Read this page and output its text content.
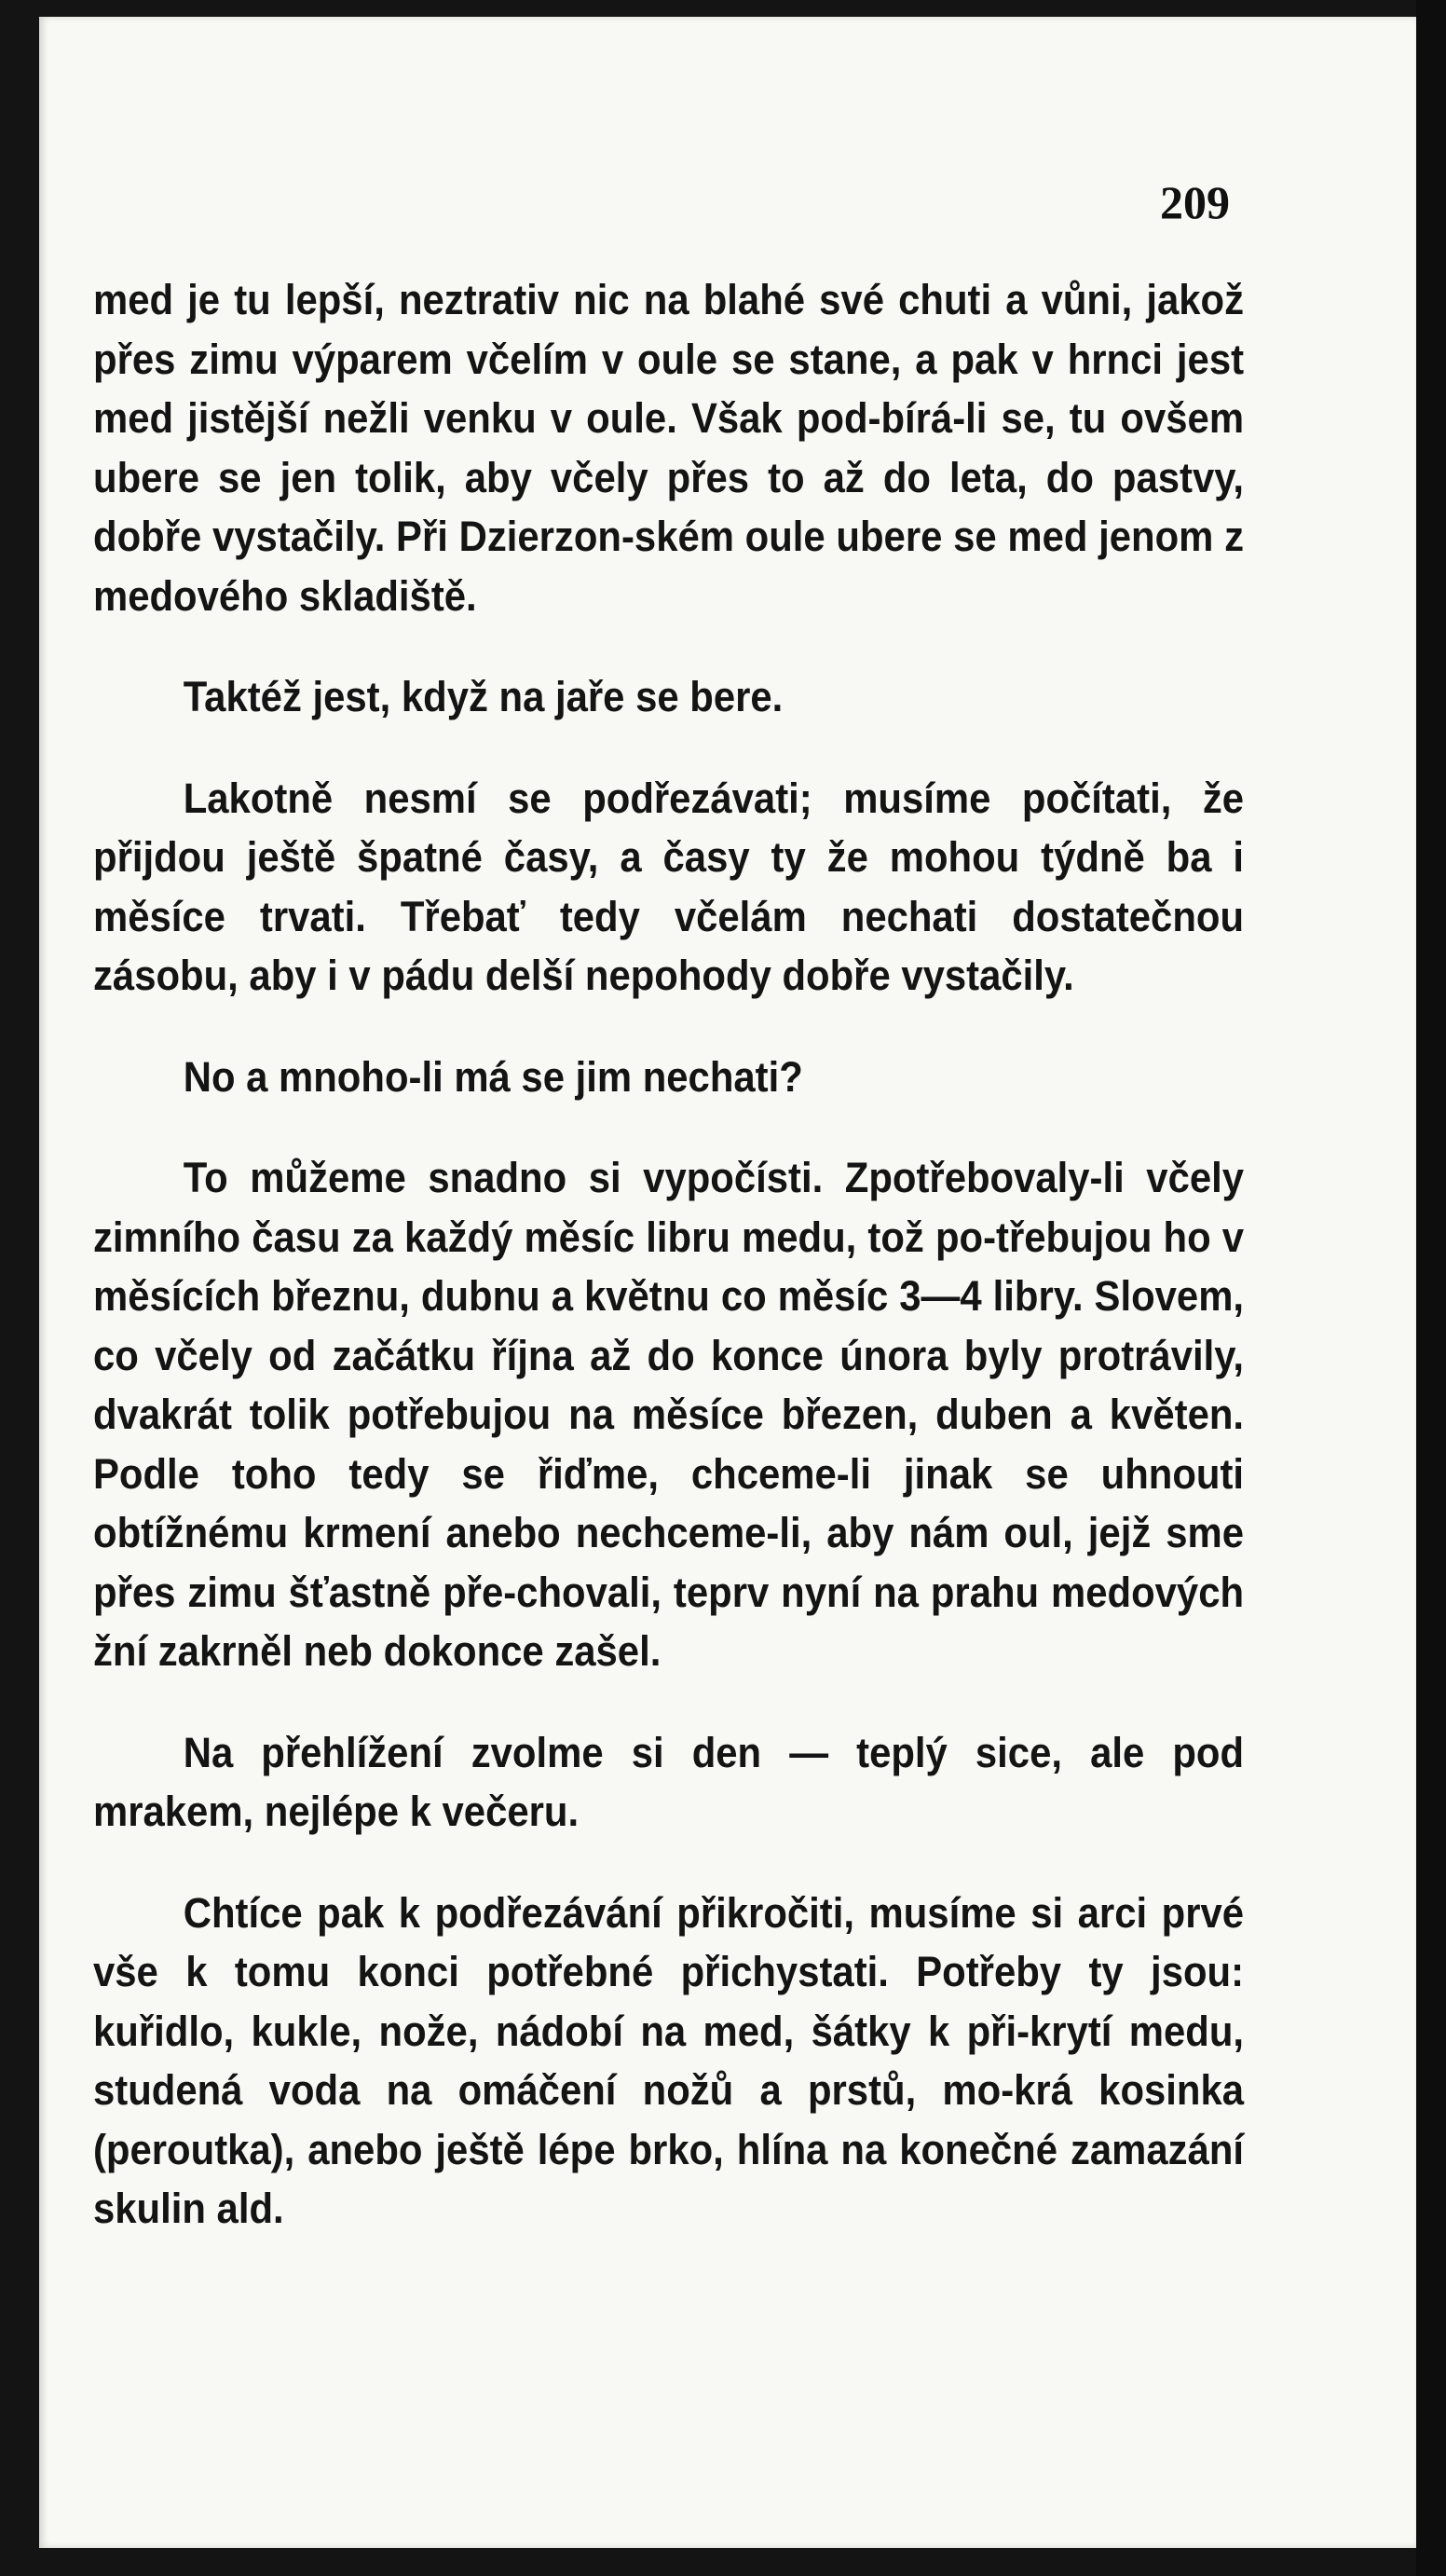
209

med je tu lepší, neztrativ nic na blahé své chuti a vůni, jakož přes zimu výparem včelím v oule se stane, a pak v hrnci jest med jistější nežli venku v oule. Však pod-bírá-li se, tu ovšem ubere se jen tolik, aby včely přes to až do leta, do pastvy, dobře vystačily. Při Dzierzon-ském oule ubere se med jenom z medového skladiště.

Taktéž jest, když na jaře se bere.

Lakotně nesmí se podřezávati; musíme počítati, že přijdou ještě špatné časy, a časy ty že mohou týdně ba i měsíce trvati. Třebať tedy včelám nechati dostatečnou zásobu, aby i v pádu delší nepohody dobře vystačily.

No a mnoho-li má se jim nechati?

To můžeme snadno si vypočísti. Zpotřebovaly-li včely zimního času za každý měsíc libru medu, tož po-třebujou ho v měsících březnu, dubnu a květnu co měsíc 3—4 libry. Slovem, co včely od začátku října až do konce února byly protrávily, dvakrát tolik potřebujou na měsíce březen, duben a květen. Podle toho tedy se řiďme, chceme-li jinak se uhnouti obtížnému krmení anebo nechceme-li, aby nám oul, jejž sme přes zimu šťastně pře-chovali, teprv nyní na prahu medových žní zakrněl neb dokonce zašel.

Na přehlížení zvolme si den — teplý sice, ale pod mrakem, nejlépe k večeru.

Chtíce pak k podřezávání přikročiti, musíme si arci prvé vše k tomu konci potřebné přichystati. Potřeby ty jsou: kuřidlo, kukle, nože, nádobí na med, šátky k při-krytí medu, studená voda na omáčení nožů a prstů, mo-krá kosinka (peroutka), anebo ještě lépe brko, hlína na konečné zamazání skulin ald.
